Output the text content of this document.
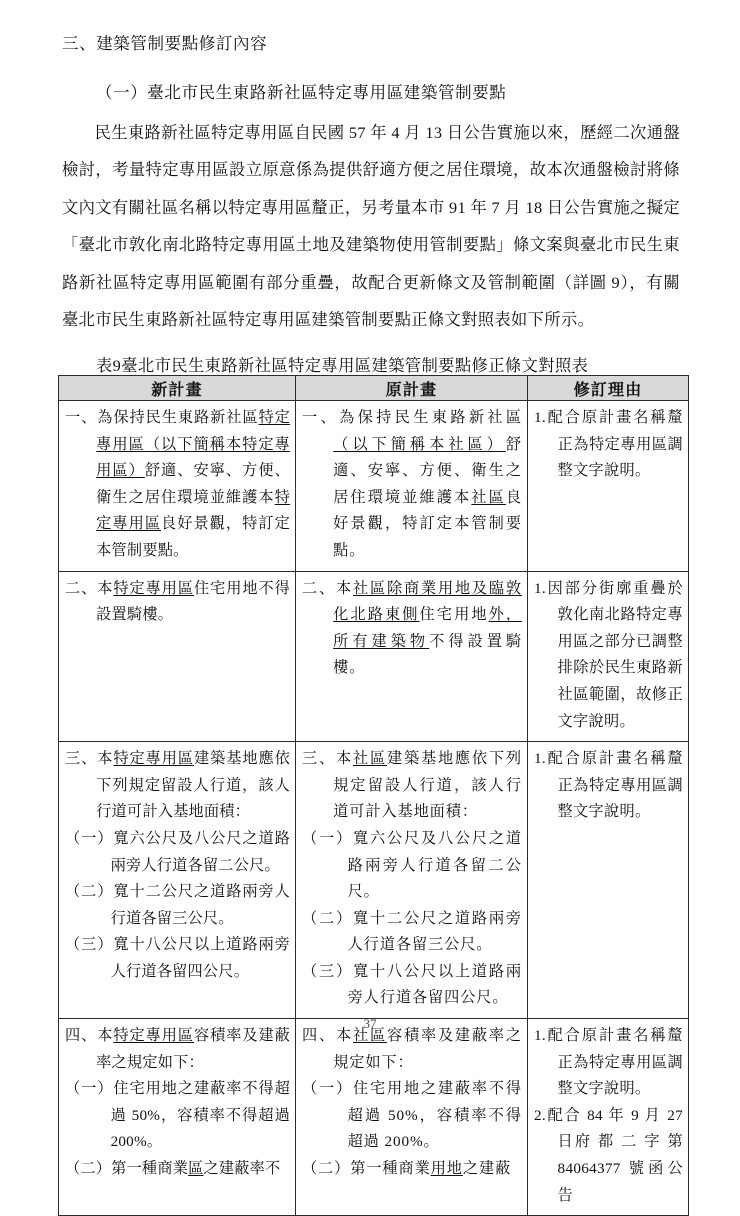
三、建築管制要點修訂內容
（一）臺北市民生東路新社區特定專用區建築管制要點
民生東路新社區特定專用區自民國 57 年 4 月 13 日公告實施以來，歷經二次通盤檢討，考量特定專用區設立原意係為提供舒適方便之居住環境，故本次通盤檢討將條文內文有關社區名稱以特定專用區釐正，另考量本市 91 年 7 月 18 日公告實施之擬定「臺北市敦化南北路特定專用區土地及建築物使用管制要點」條文案與臺北市民生東路新社區特定專用區範圍有部分重疊，故配合更新條文及管制範圍（詳圖 9），有關臺北市民生東路新社區特定專用區建築管制要點正條文對照表如下所示。
表9臺北市民生東路新社區特定專用區建築管制要點修正條文對照表
新計畫	原計畫	修訂理由

一、為保持民生東路新社區特定專用區（以下簡稱本特定專用區）舒適、安寧、方便、衛生之居住環境並維護本特定專用區良好景觀，特訂定本管制要點。	一、為保持民生東路新社區（以下簡稱本社區）舒適、安寧、方便、衛生之居住環境並維護本社區良好景觀，特訂定本管制要點。	1.配合原計畫名稱釐正為特定專用區調整文字說明。

二、本特定專用區住宅用地不得設置騎樓。	二、本社區除商業用地及臨敦化北路東側住宅用地外，所有建築物不得設置騎樓。	1.因部分街廓重疊於敦化南北路特定專用區之部分已調整排除於民生東路新社區範圍，故修正文字說明。

三、本特定專用區建築基地應依下列規定留設人行道，該人行道可計入基地面積：
（一）寬六公尺及八公尺之道路兩旁人行道各留二公尺。
（二）寬十二公尺之道路兩旁人行道各留三公尺。
（三）寬十八公尺以上道路兩旁人行道各留四公尺。	三、本社區建築基地應依下列規定留設人行道，該人行道可計入基地面積：
（一）寬六公尺及八公尺之道路兩旁人行道各留二公尺。
（二）寬十二公尺之道路兩旁人行道各留三公尺。
（三）寬十八公尺以上道路兩旁人行道各留四公尺。	1.配合原計畫名稱釐正為特定專用區調整文字說明。

四、本特定專用區容積率及建蔽率之規定如下：
（一）住宅用地之建蔽率不得超過 50%，容積率不得超過 200%。
（二）第一種商業區之建蔽率不	四、本社區容積率及建蔽率之規定如下：
（一）住宅用地之建蔽率不得超過 50%，容積率不得超過 200%。
（二）第一種商業用地之建蔽	1.配合原計畫名稱釐正為特定專用區調整文字說明。
2.配合 84 年 9 月 27 日府 都 二 字 第 84064377 號函公告
37
